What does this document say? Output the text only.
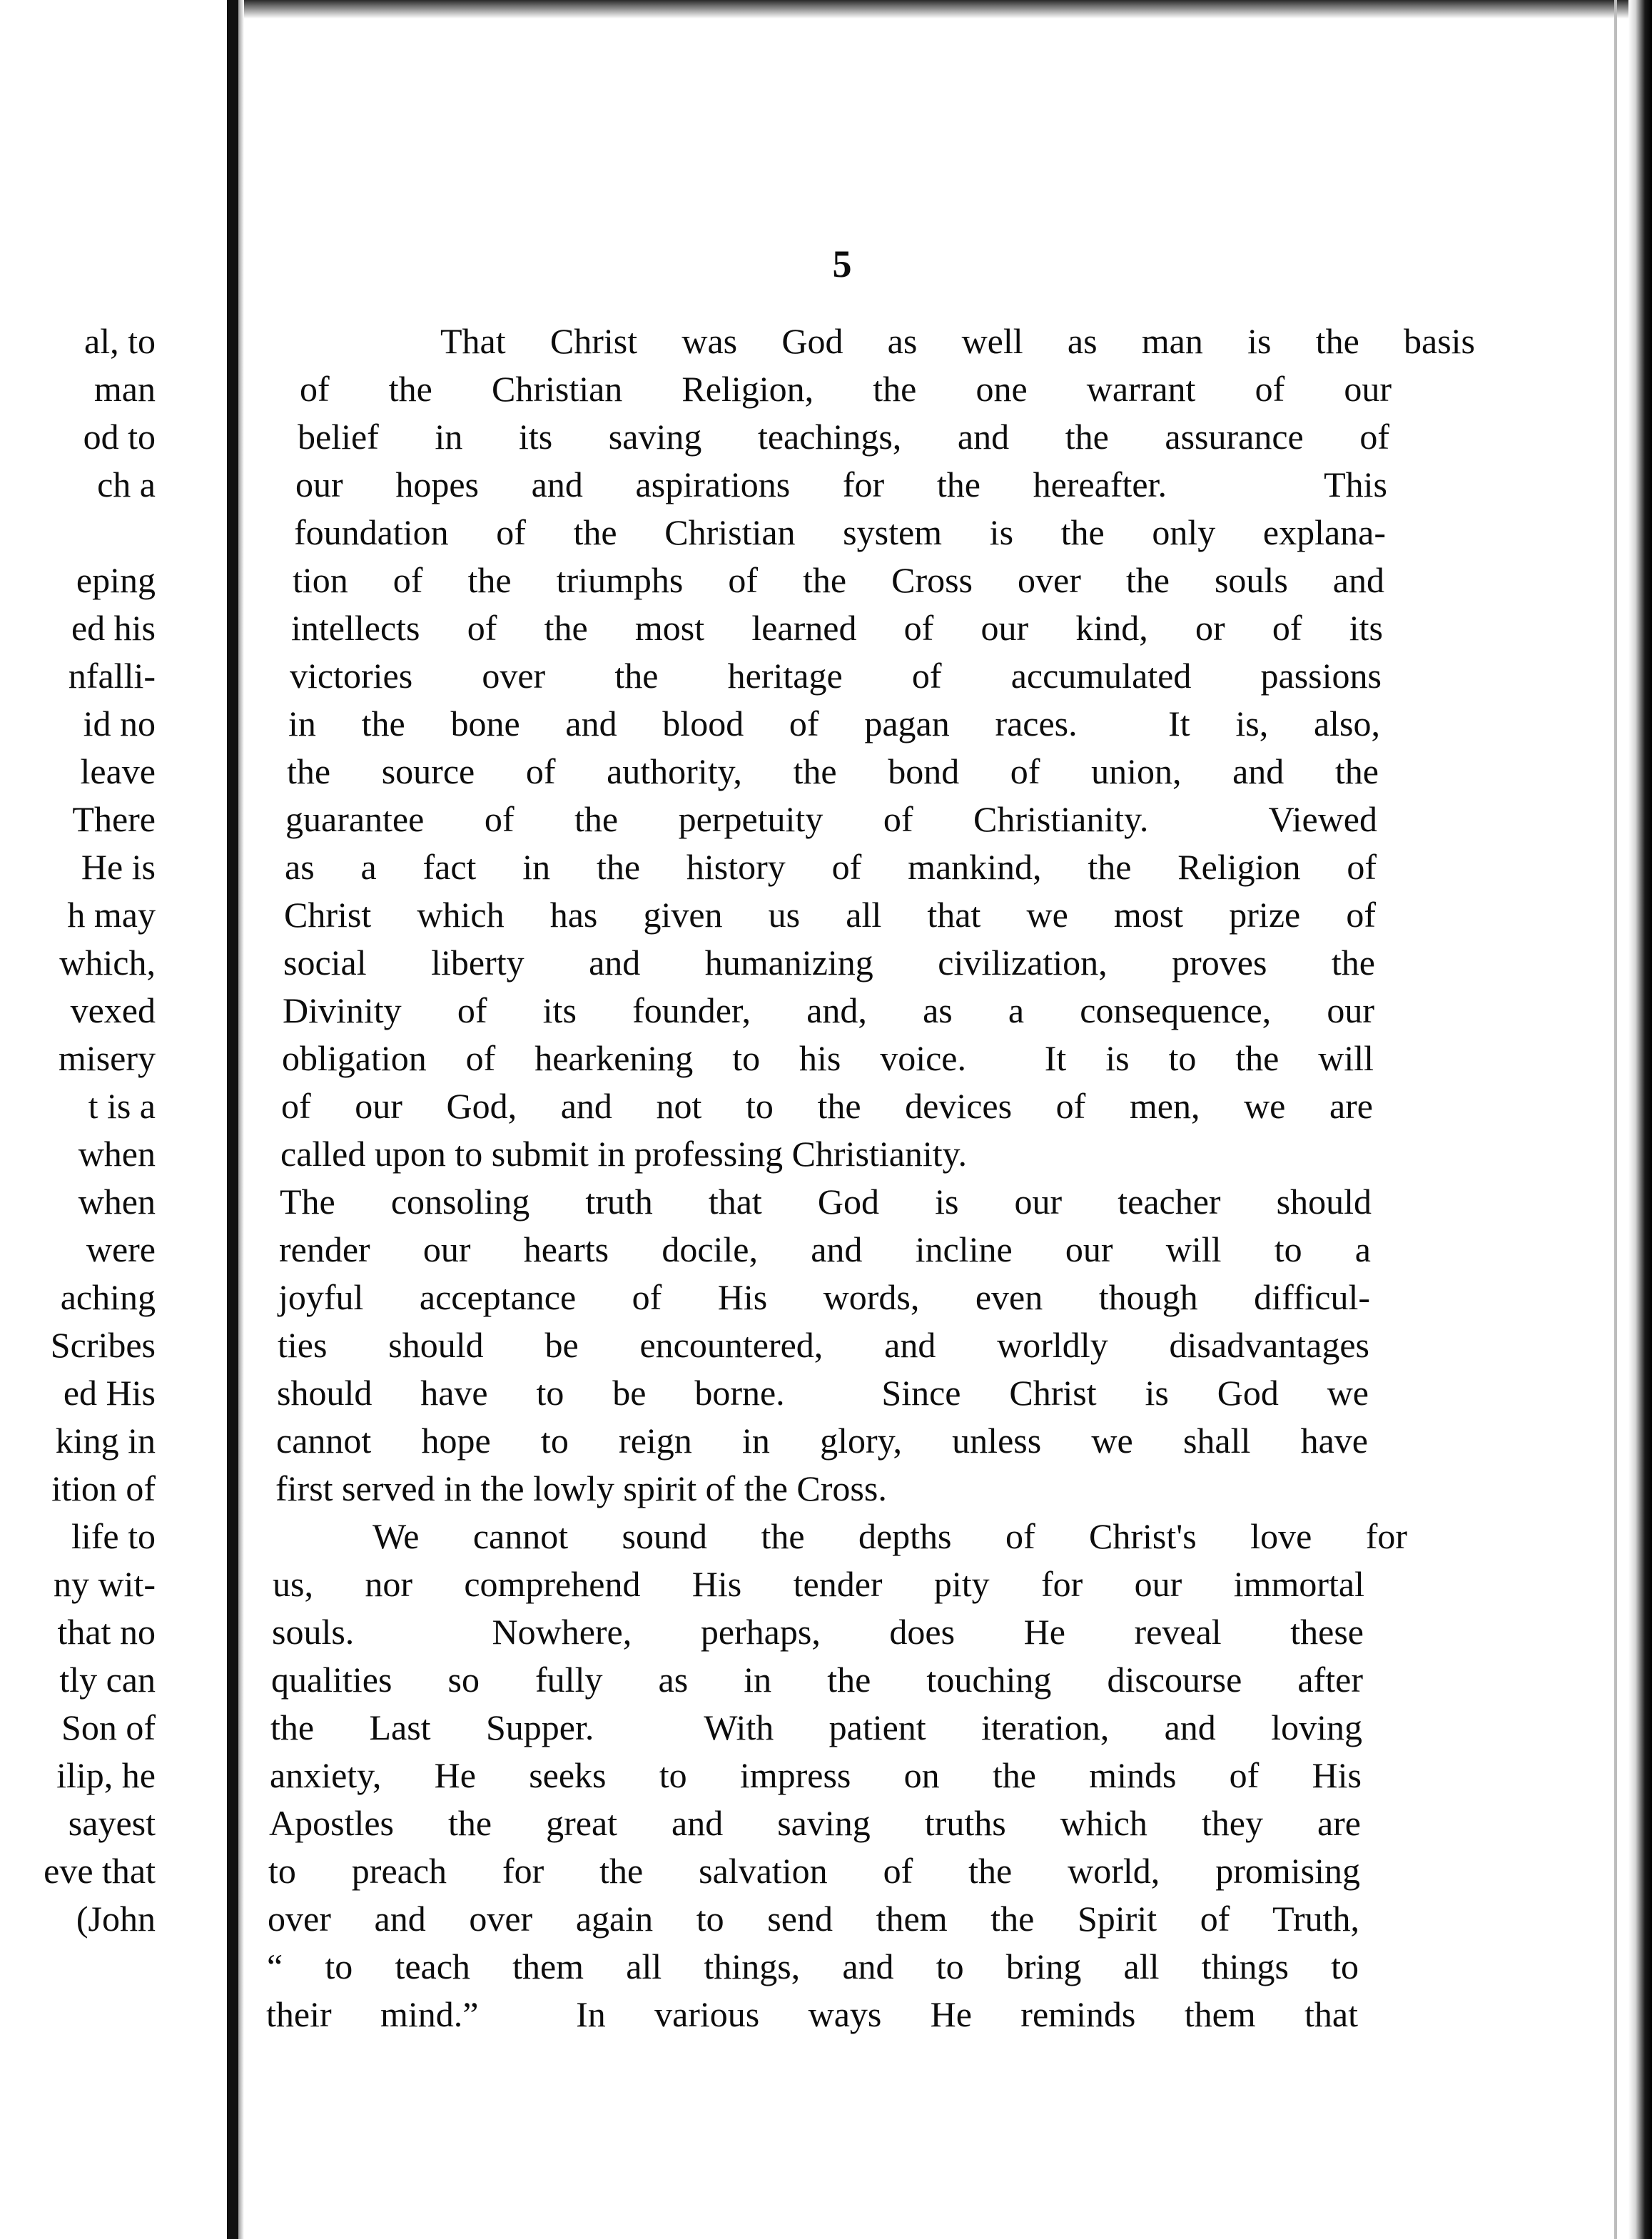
al, to
man
od to
ch a
eping
ed his
nfalli-
id no
leave
There
He is
h may
which,
vexed
misery
t is a
when
when
were
aching
Scribes
ed His
king in
ition of
life to
ny wit-
that no
tly can
Son of
ilip, he
sayest
eve that
(John
5
That Christ was God as well as man is the basis
of the Christian Religion, the one warrant of our
belief in its saving teachings, and the assurance of
our hopes and aspirations for the hereafter.   This
foundation of the Christian system is the only explana-
tion of the triumphs of the Cross over the souls and
intellects of the most learned of our kind, or of its
victories over the heritage of accumulated passions
in the bone and blood of pagan races.  It is, also,
the source of authority, the bond of union, and the
guarantee of the perpetuity of Christianity.  Viewed
as a fact in the history of mankind, the Religion of
Christ which has given us all that we most prize of
social liberty and humanizing civilization, proves the
Divinity of its founder, and, as a consequence, our
obligation of hearkening to his voice.  It is to the will
of our God, and not to the devices of men, we are
called upon to submit in professing Christianity.
The consoling truth that God is our teacher should
render our hearts docile, and incline our will to a
joyful acceptance of His words, even though difficul-
ties should be encountered, and worldly disadvantages
should have to be borne.  Since Christ is God we
cannot hope to reign in glory, unless we shall have
first served in the lowly spirit of the Cross.
We cannot sound the depths of Christ's love for
us, nor comprehend His tender pity for our immortal
souls.  Nowhere, perhaps, does He reveal these
qualities so fully as in the touching discourse after
the Last Supper.  With patient iteration, and loving
anxiety, He seeks to impress on the minds of His
Apostles the great and saving truths which they are
to preach for the salvation of the world, promising
over and over again to send them the Spirit of Truth,
“ to teach them all things, and to bring all things to
their mind.”  In various ways He reminds them that
